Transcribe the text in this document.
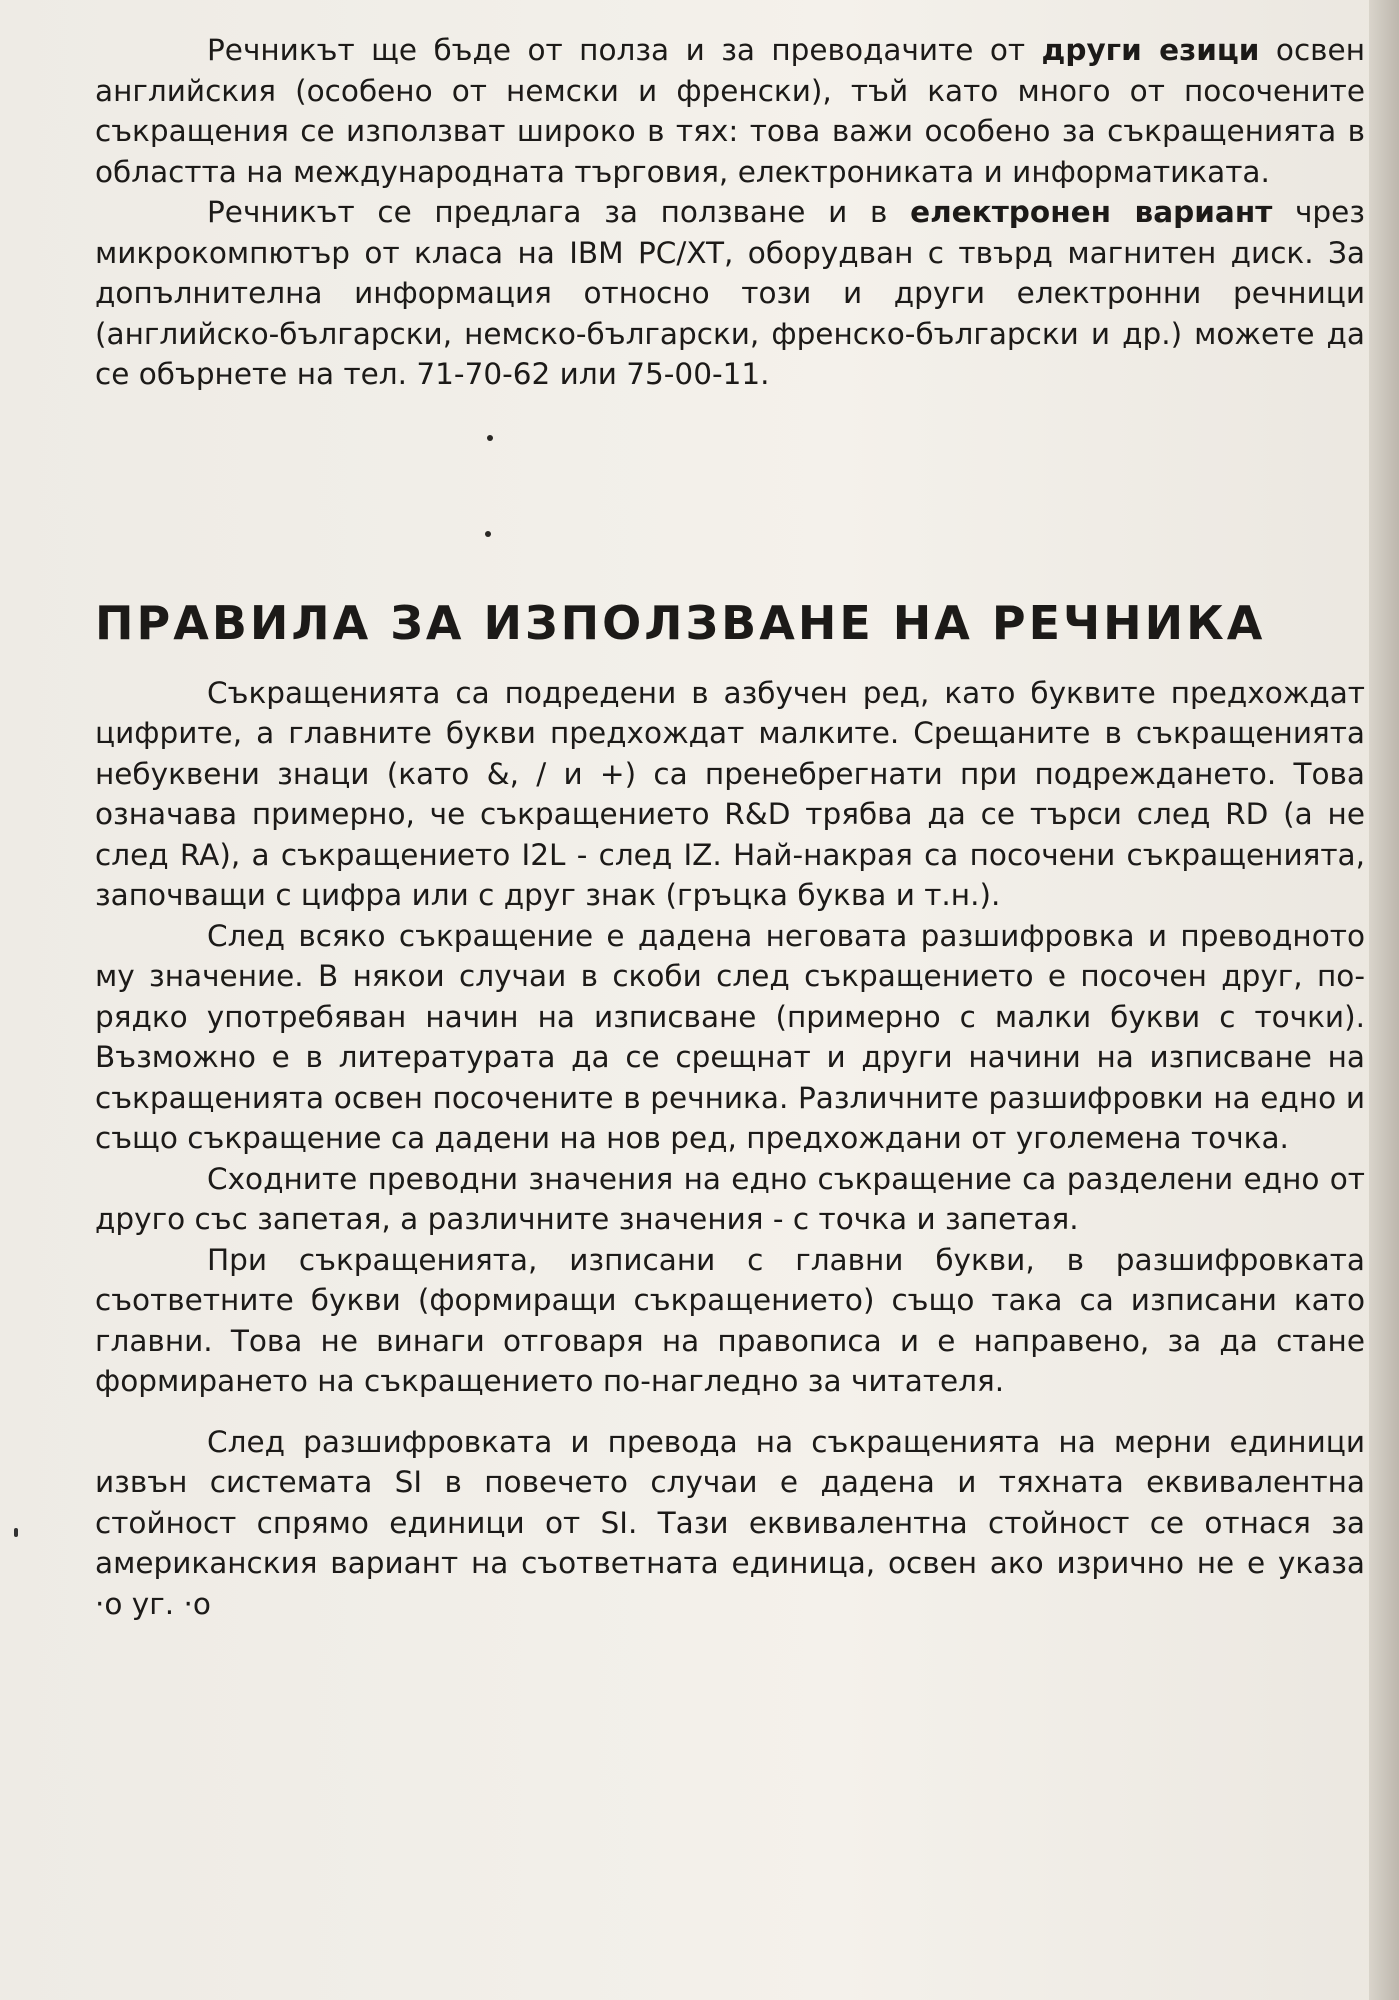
Речникът ще бъде от полза и за преводачите от други езици освен английския (особено от немски и френски), тъй като много от посочените съкращения се използват широко в тях: това важи особено за съкращенията в областта на международната търговия, електрониката и информатиката.

Речникът се предлага за ползване и в електронен вариант чрез микрокомпютър от класа на IBM PC/XT, оборудван с твърд магнитен диск. За допълнителна информация относно този и други електронни речници (английско-български, немско-български, френско-български и др.) можете да се обърнете на тел. 71-70-62 или 75-00-11.

ПРАВИЛА ЗА ИЗПОЛЗВАНЕ НА РЕЧНИКА

Съкращенията са подредени в азбучен ред, като буквите предхождат цифрите, а главните букви предхождат малките. Срещаните в съкращенията небуквени знаци (като &, / и +) са пренебрегнати при подреждането. Това означава примерно, че съкращението R&D трябва да се търси след RD (а не след RA), а съкращението I2L - след IZ. Най-накрая са посочени съкращенията, започващи с цифра или с друг знак (гръцка буква и т.н.).

След всяко съкращение е дадена неговата разшифровка и преводното му значение. В някои случаи в скоби след съкращението е посочен друг, по-рядко употребяван начин на изписване (примерно с малки букви с точки). Възможно е в литературата да се срещнат и други начини на изписване на съкращенията освен посочените в речника. Различните разшифровки на едно и също съкращение са дадени на нов ред, предхождани от уголемена точка.

Сходните преводни значения на едно съкращение са разделени едно от друго със запетая, а различните значения - с точка и запетая.

При съкращенията, изписани с главни букви, в разшифровката съответните букви (формиращи съкращението) също така са изписани като главни. Това не винаги отговаря на правописа и е направено, за да стане формирането на съкращението по-нагледно за читателя.

След разшифровката и превода на съкращенията на мерни единици извън системата SI в повечето случаи е дадена и тяхната еквивалентна стойност спрямо единици от SI. Тази еквивалентна стойност се отнася за американския вариант на съответната единица, освен ако изрично не е указа ·о уг. ·о
